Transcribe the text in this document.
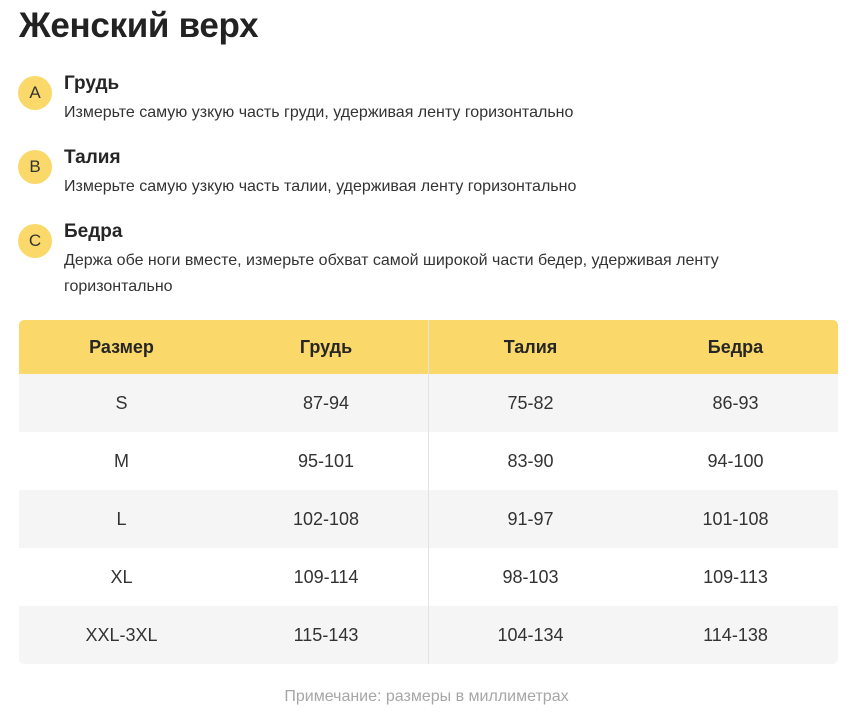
Женский верх
A	Грудь
Измерьте самую узкую часть груди, удерживая ленту горизонтально
B	Талия
Измерьте самую узкую часть талии, удерживая ленту горизонтально
C	Бедра
Держа обе ноги вместе, измерьте обхват самой широкой части бедер, удерживая ленту горизонтально
Размер	Грудь	Талия	Бедра
S	87-94	75-82	86-93
M	95-101	83-90	94-100
L	102-108	91-97	101-108
XL	109-114	98-103	109-113
XXL-3XL	115-143	104-134	114-138
Примечание: размеры в миллиметрах
